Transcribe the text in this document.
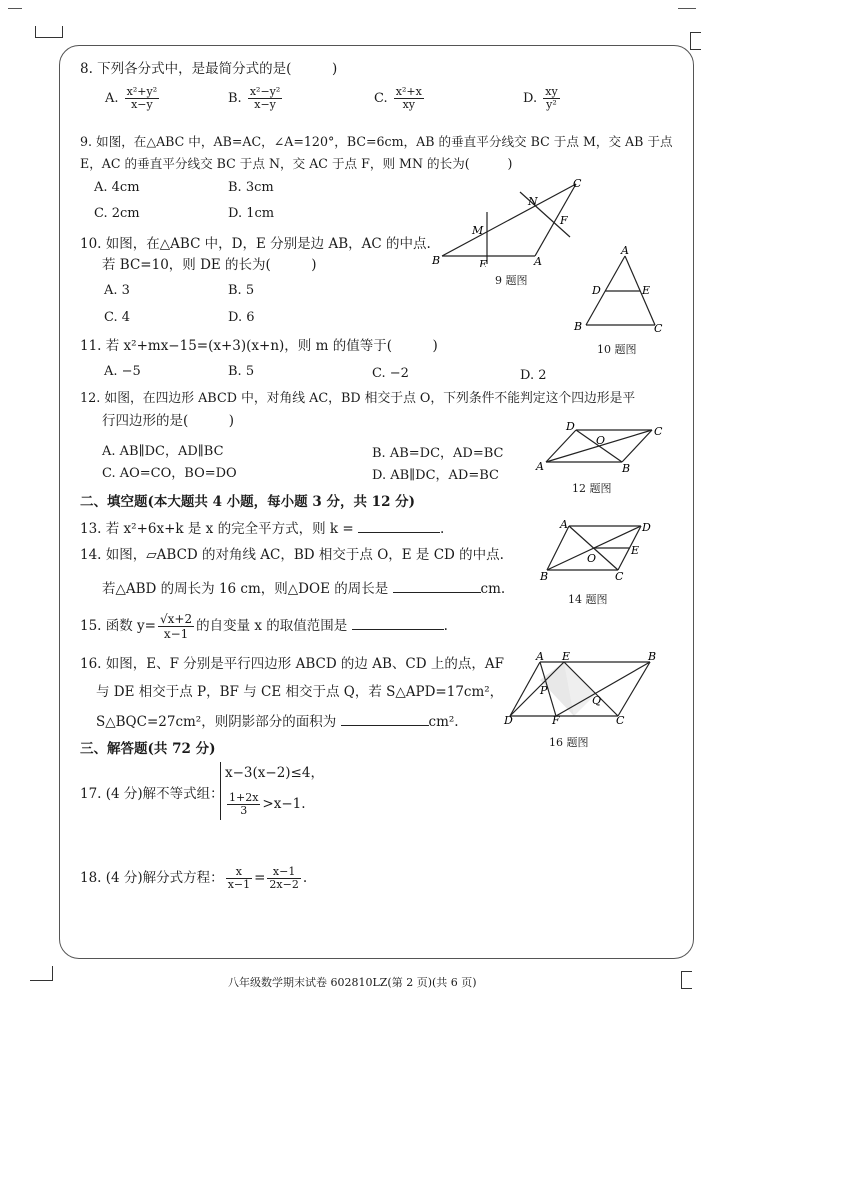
8. 下列各分式中，是最简分式的是(　　　)
A. $\frac{\text{x²+y²}}{x-y}$	B. $\frac{\text{x²−y²}}{x-y}$	C. $\frac{\text{x²+x}}{xy}$	D. $\frac{xy}{\text{y²}}$
9. 如图，在△ABC 中，AB=AC，∠A=120°，BC=6cm，AB 的垂直平分线交 BC 于点 M，交 AB 于点
E，AC 的垂直平分线交 BC 于点 N，交 AC 于点 F，则 MN 的长为(　　　)
A. 4cm	B. 3cm
C. 2cm	D. 1cm
B
C
A
M
N
F
E
9 题图
10. 如图，在△ABC 中，D，E 分别是边 AB，AC 的中点.
若 BC=10，则 DE 的长为(　　　)
A. 3	B. 5
C. 4	D. 6
A
D	E
B	C
10 题图
11. 若 x²+mx−15=(x+3)(x+n)，则 m 的值等于(　　　)
A. −5	B. 5	C. −2	D. 2
12. 如图，在四边形 ABCD 中，对角线 AC，BD 相交于点 O，下列条件不能判定这个四边形是平
行四边形的是(　　　)
A. AB∥DC，AD∥BC	B. AB=DC，AD=BC
C. AO=CO，BO=DO	D. AB∥DC，AD=BC
D	C
O
A	B
12 题图
二、填空题(本大题共 4 小题，每小题 3 分，共 12 分)
13. 若 x²+6x+k 是 x 的完全平方式，则 k =	.
14. 如图，▱ABCD 的对角线 AC，BD 相交于点 O，E 是 CD 的中点.
若△ABD 的周长为 16 cm，则△DOE 的周长是	cm.
A	D
E
O
B	C
14 题图
15. 函数 $y= \frac{√x+2}{x-1}$ 的自变量 x 的取值范围是	.
16. 如图，E、F 分别是平行四边形 ABCD 的边 AB、CD 上的点，AF
与 DE 相交于点 P，BF 与 CE 相交于点 Q，若 S△APD=17cm²，
S△BQC=27cm²，则阴影部分的面积为	cm².
A E	B
P
Q
D	F	C
16 题图
三、解答题(共 72 分)
17. (4 分)解不等式组：
x−3(x−2)≤4，
$\frac{1+2x}{3} >x-1$.
18. (4 分)解分式方程： $\frac{x}{x-1} = \frac{x-1}{2x-2}$ .
八年级数学期末试卷 602810LZ(第 2 页)(共 6 页)
